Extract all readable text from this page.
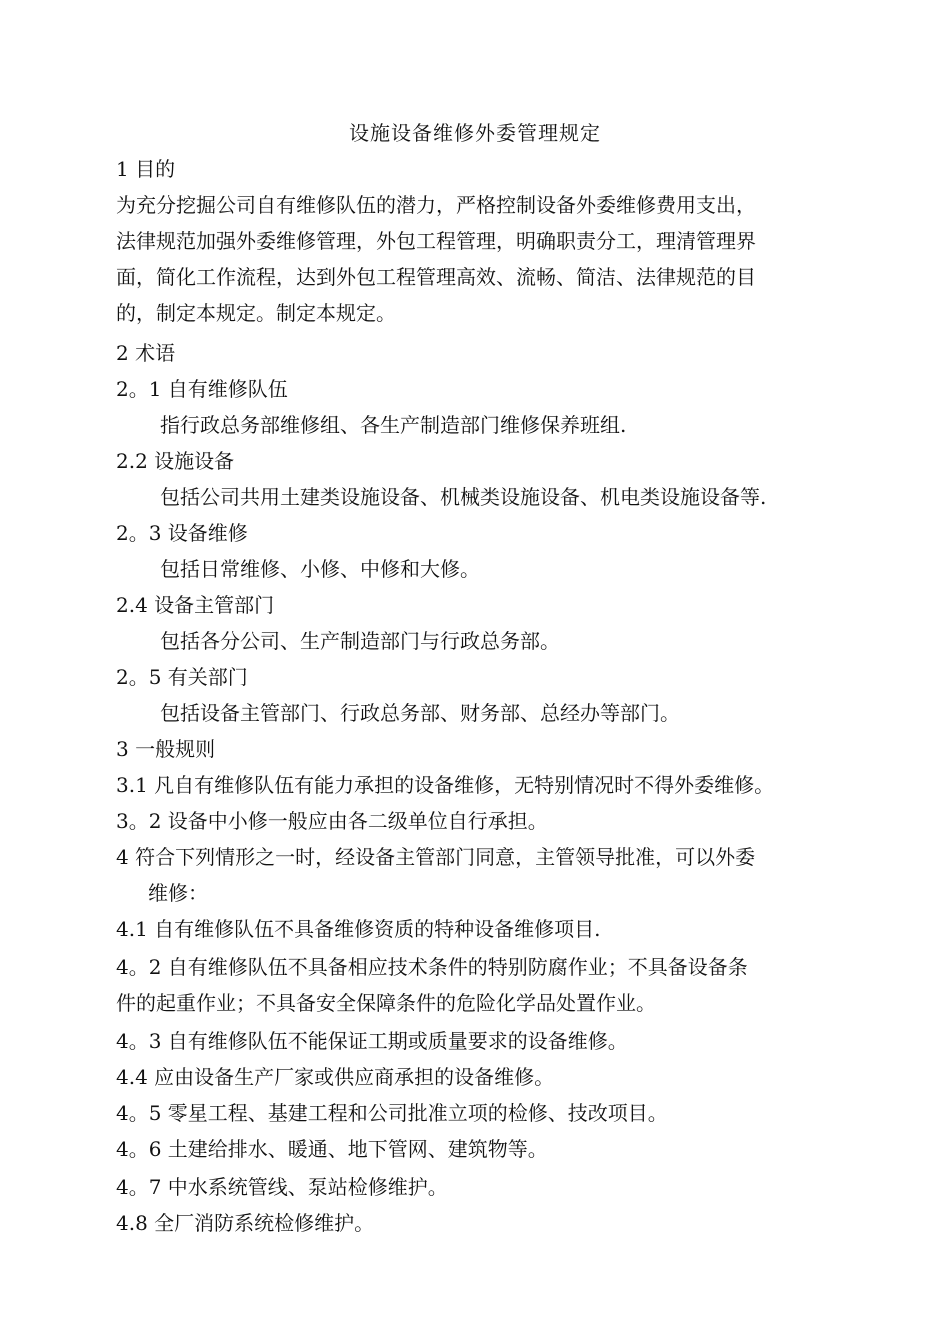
设施设备维修外委管理规定
1 目的
为充分挖掘公司自有维修队伍的潜力，严格控制设备外委维修费用支出，
法律规范加强外委维修管理，外包工程管理，明确职责分工，理清管理界
面，简化工作流程，达到外包工程管理高效、流畅、简洁、法律规范的目
的，制定本规定。制定本规定。
2 术语
2。1 自有维修队伍
指行政总务部维修组、各生产制造部门维修保养班组.
2.2 设施设备
包括公司共用土建类设施设备、机械类设施设备、机电类设施设备等.
2。3 设备维修
包括日常维修、小修、中修和大修。
2.4 设备主管部门
包括各分公司、生产制造部门与行政总务部。
2。5 有关部门
包括设备主管部门、行政总务部、财务部、总经办等部门。
3 一般规则
3.1 凡自有维修队伍有能力承担的设备维修，无特别情况时不得外委维修。
3。2 设备中小修一般应由各二级单位自行承担。
4 符合下列情形之一时，经设备主管部门同意，主管领导批准，可以外委
维修：
4.1 自有维修队伍不具备维修资质的特种设备维修项目.
4。2 自有维修队伍不具备相应技术条件的特别防腐作业；不具备设备条
件的起重作业；不具备安全保障条件的危险化学品处置作业。
4。3 自有维修队伍不能保证工期或质量要求的设备维修。
4.4 应由设备生产厂家或供应商承担的设备维修。
4。5 零星工程、基建工程和公司批准立项的检修、技改项目。
4。6 土建给排水、暖通、地下管网、建筑物等。
4。7 中水系统管线、泵站检修维护。
4.8 全厂消防系统检修维护。
